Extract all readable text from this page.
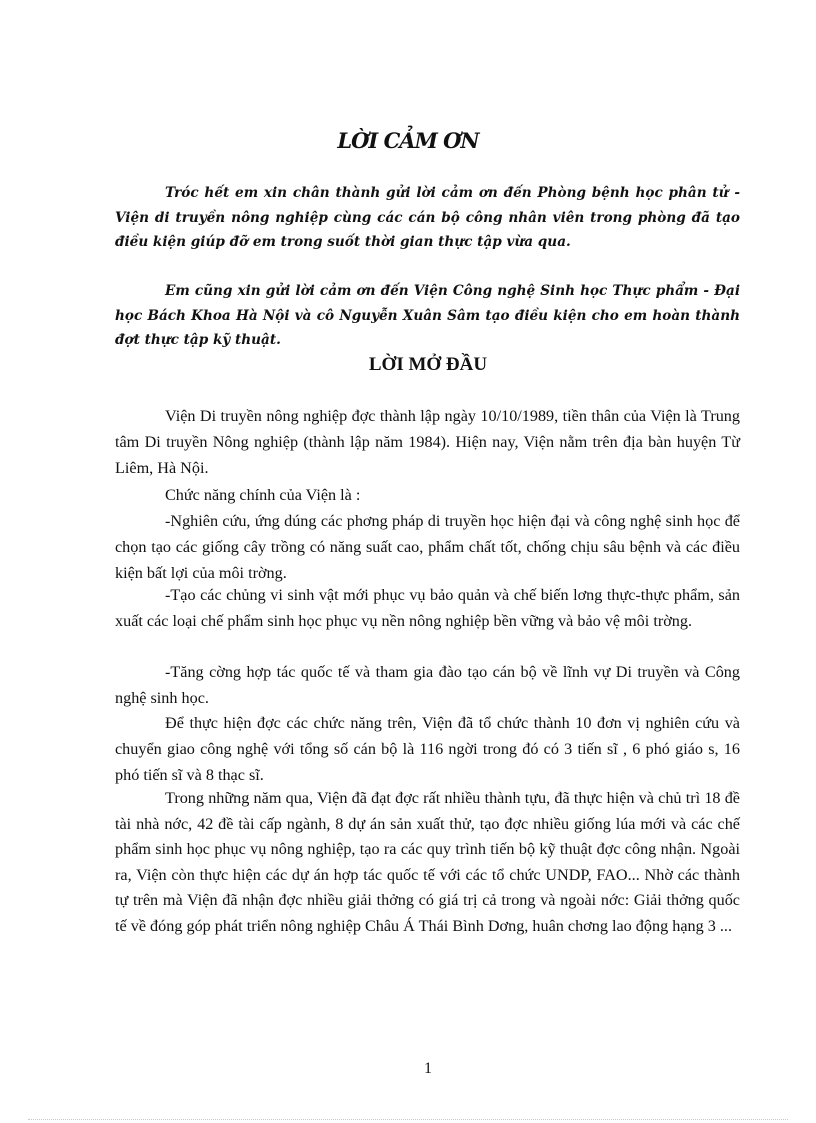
LỜI CẢM ƠN

Tróc hết em xin chân thành gửi lời cảm ơn đến Phòng bệnh học phân tử - Viện di truyền nông nghiệp cùng các cán bộ công nhân viên trong phòng đã tạo điều kiện giúp đỡ em trong suốt thời gian thực tập vừa qua.

Em cũng xin gửi lời cảm ơn đến Viện Công nghệ Sinh học Thực phẩm - Đại học Bách Khoa Hà Nội và cô Nguyễn Xuân Sâm tạo điều kiện cho em hoàn thành đợt thực tập kỹ thuật.

LỜI MỞ ĐẦU

Viện Di truyền nông nghiệp đợc thành lập ngày 10/10/1989, tiền thân của Viện là Trung tâm Di truyền Nông nghiệp (thành lập năm 1984). Hiện nay, Viện nằm trên địa bàn huyện Từ Liêm, Hà Nội.

Chức năng chính của Viện là :

-Nghiên cứu, ứng dúng các phơng pháp di truyền học hiện đại và công nghệ sinh học để chọn tạo các giống cây trồng có năng suất cao, phẩm chất tốt, chống chịu sâu bệnh và các điều kiện bất lợi của môi trờng.

-Tạo các chủng vi sinh vật mới phục vụ bảo quản và chế biến lơng thực-thực phẩm, sản xuất các loại chế phẩm sinh học phục vụ nền nông nghiệp bền vững và bảo vệ môi trờng.

-Tăng cờng hợp tác quốc tế và tham gia đào tạo cán bộ về lĩnh vự Di truyền và Công nghệ sinh học.

Để thực hiện đợc các chức năng trên, Viện đã tổ chức thành 10 đơn vị nghiên cứu và chuyển giao công nghệ với tổng số cán bộ là 116 ngời trong đó có 3 tiến sĩ , 6 phó giáo s, 16 phó tiến sĩ và 8 thạc sĩ.

Trong những năm qua, Viện đã đạt đợc rất nhiều thành tựu, đã thực hiện và chủ trì 18 đề tài nhà nớc, 42 đề tài cấp ngành, 8 dự án sản xuất thử, tạo đợc nhiều giống lúa mới và các chế phẩm sinh học phục vụ nông nghiệp, tạo ra các quy trình tiến bộ kỹ thuật đợc công nhận. Ngoài ra, Viện còn thực hiện các dự án hợp tác quốc tế với các tổ chức UNDP, FAO... Nhờ các thành tự trên mà Viện đã nhận đợc nhiều giải thởng có giá trị cả trong và ngoài nớc: Giải thởng quốc tế về đóng góp phát triển nông nghiệp Châu Á Thái Bình Dơng, huân chơng lao động hạng 3 ...

1
